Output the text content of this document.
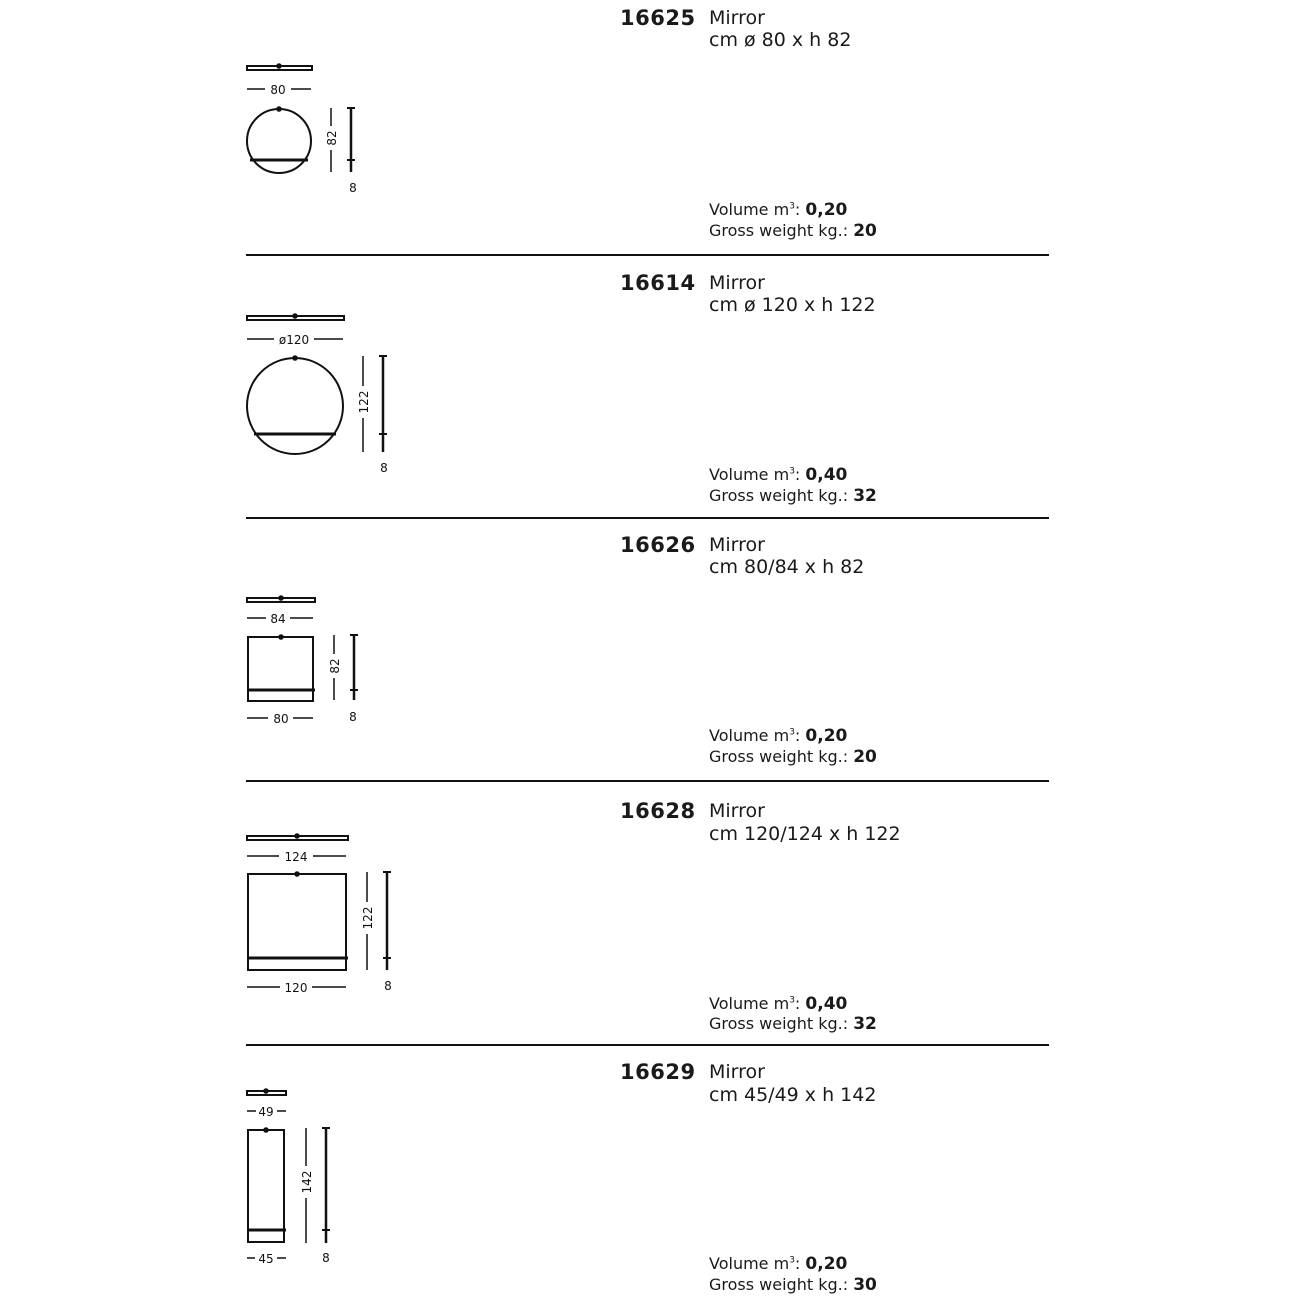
80
82
8
ø120
122
8
84
82
80	8
124
122
120	8
49
142
45	8
16625 Mirror
cm ø 80 x h 82
Volume $m^3$: 0,20
Gross weight kg.: 20
16614 Mirror
cm ø 120 x h 122
Volume $m^3$: 0,40
Gross weight kg.: 32
16626 Mirror
cm 80/84 x h 82
Volume $m^3$: 0,20
Gross weight kg.: 20
16628 Mirror
cm 120/124 x h 122
Volume $m^3$: 0,40
Gross weight kg.: 32
16629 Mirror
cm 45/49 x h 142
Volume $m^3$: 0,20
Gross weight kg.: 30
